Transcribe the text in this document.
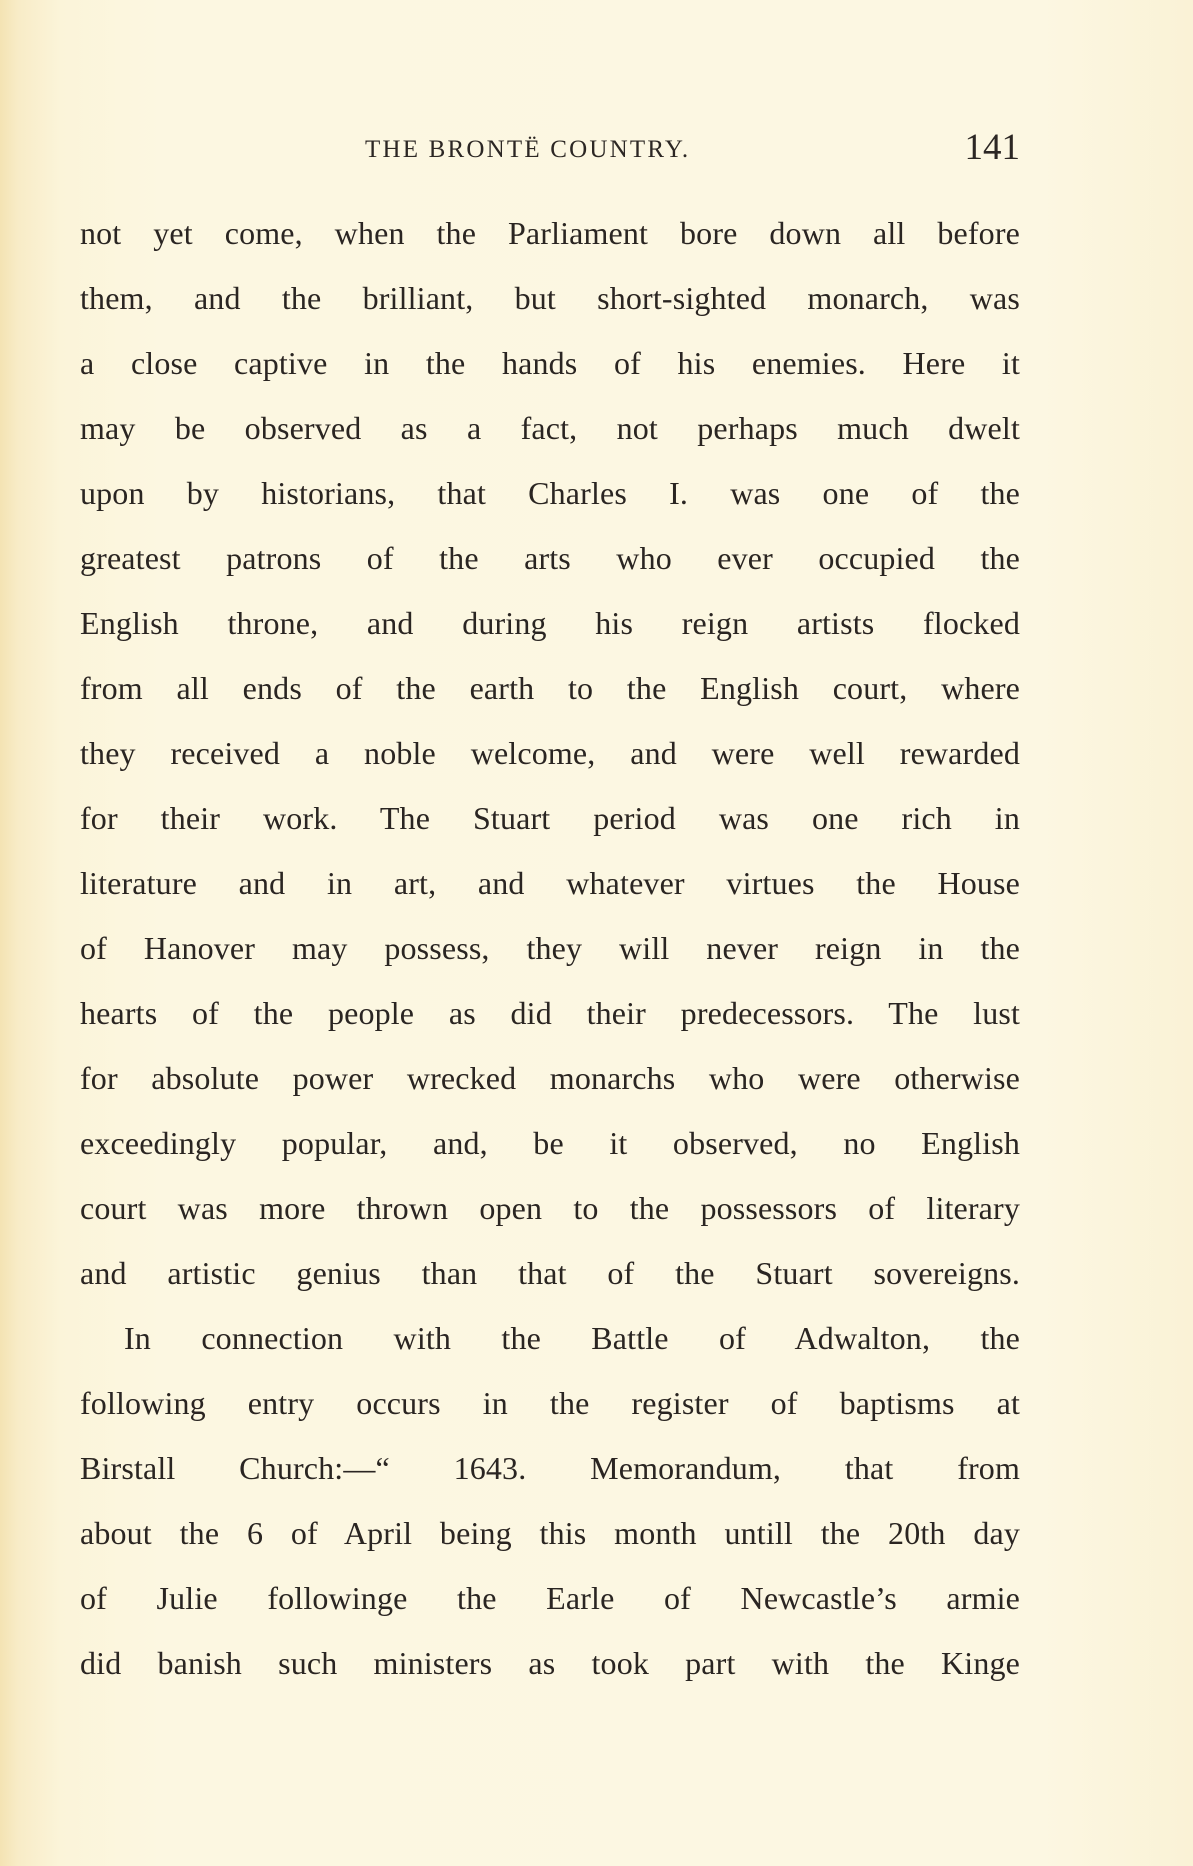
THE BRONTË COUNTRY.	141
not yet come, when the Parliament bore down all before
them, and the brilliant, but short-sighted monarch, was
a close captive in the hands of his enemies. Here it
may be observed as a fact, not perhaps much dwelt
upon by historians, that Charles I. was one of the
greatest patrons of the arts who ever occupied the
English throne, and during his reign artists flocked
from all ends of the earth to the English court, where
they received a noble welcome, and were well rewarded
for their work. The Stuart period was one rich in
literature and in art, and whatever virtues the House
of Hanover may possess, they will never reign in the
hearts of the people as did their predecessors. The lust
for absolute power wrecked monarchs who were otherwise
exceedingly popular, and, be it observed, no English
court was more thrown open to the possessors of literary
and artistic genius than that of the Stuart sovereigns.
In connection with the Battle of Adwalton, the
following entry occurs in the register of baptisms at
Birstall Church:—“ 1643. Memorandum, that from
about the 6 of April being this month untill the 20th day
of Julie followinge the Earle of Newcastle’s armie
did banish such ministers as took part with the Kinge
